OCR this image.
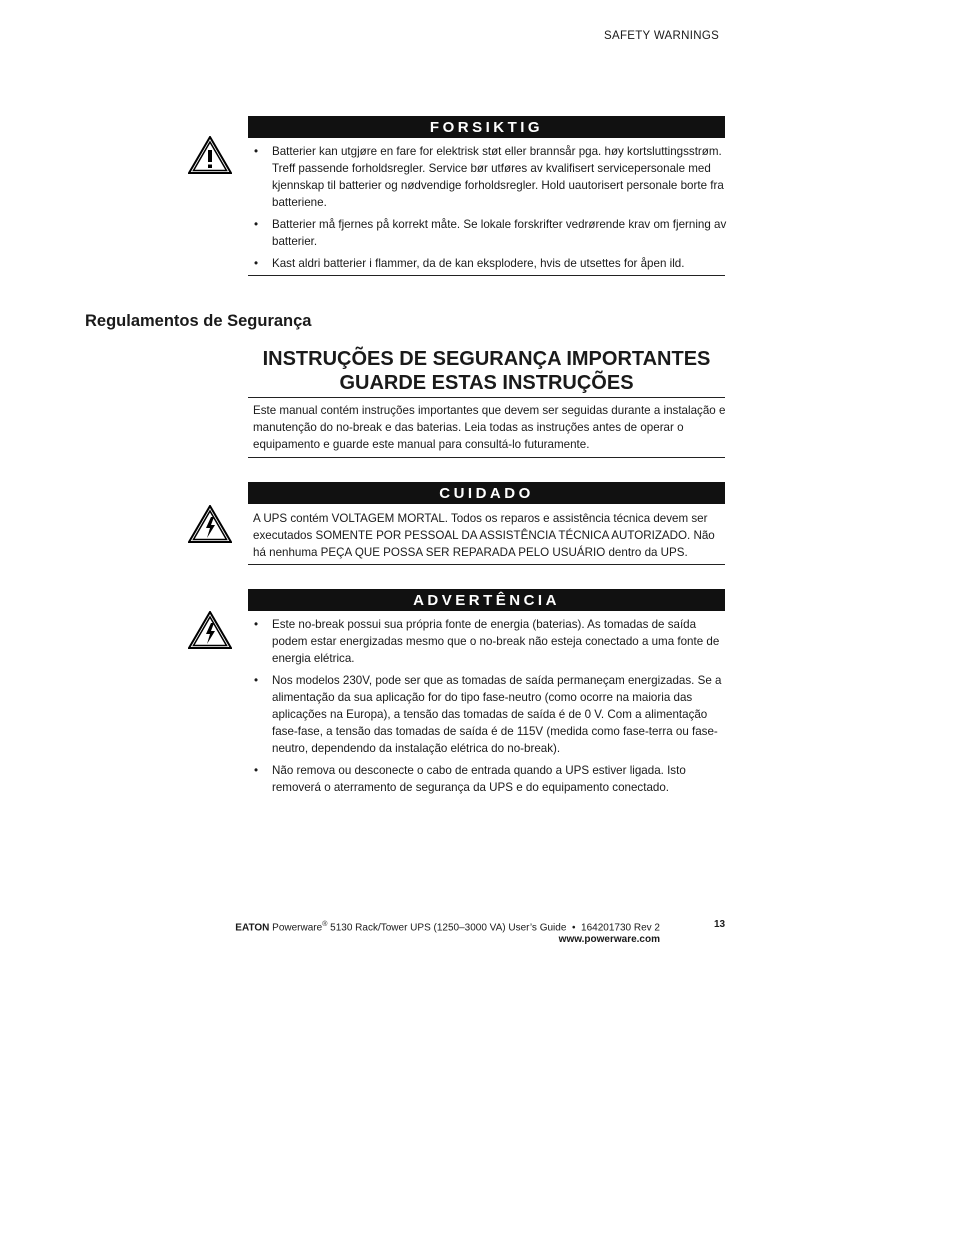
SAFETY WARNINGS
FORSIKTIG
• Batterier kan utgjøre en fare for elektrisk støt eller brannsår pga. høy kortsluttingsstrøm. Treff passende forholdsregler. Service bør utføres av kvalifisert servicepersonale med kjennskap til batterier og nødvendige forholdsregler. Hold uautorisert personale borte fra batteriene.
• Batterier må fjernes på korrekt måte. Se lokale forskrifter vedrørende krav om fjerning av batterier.
• Kast aldri batterier i flammer, da de kan eksplodere, hvis de utsettes for åpen ild.
Regulamentos de Segurança
INSTRUÇÕES DE SEGURANÇA IMPORTANTES
GUARDE ESTAS INSTRUÇÕES
Este manual contém instruções importantes que devem ser seguidas durante a instalação e manutenção do no-break e das baterias. Leia todas as instruções antes de operar o equipamento e guarde este manual para consultá-lo futuramente.
CUIDADO
A UPS contém VOLTAGEM MORTAL. Todos os reparos e assistência técnica devem ser executados SOMENTE POR PESSOAL DA ASSISTÊNCIA TÉCNICA AUTORIZADO. Não há nenhuma PEÇA QUE POSSA SER REPARADA PELO USUÁRIO dentro da UPS.
ADVERTÊNCIA
• Este no-break possui sua própria fonte de energia (baterias). As tomadas de saída podem estar energizadas mesmo que o no-break não esteja conectado a uma fonte de energia elétrica.
• Nos modelos 230V, pode ser que as tomadas de saída permaneçam energizadas. Se a alimentação da sua aplicação for do tipo fase-neutro (como ocorre na maioria das aplicações na Europa), a tensão das tomadas de saída é de 0 V. Com a alimentação fase-fase, a tensão das tomadas de saída é de 115V (medida como fase-terra ou fase-neutro, dependendo da instalação elétrica do no-break).
• Não remova ou desconecte o cabo de entrada quando a UPS estiver ligada. Isto removerá o aterramento de segurança da UPS e do equipamento conectado.
EATON Powerware® 5130 Rack/Tower UPS (1250–3000 VA) User’s Guide • 164201730 Rev 2
www.powerware.com
13
